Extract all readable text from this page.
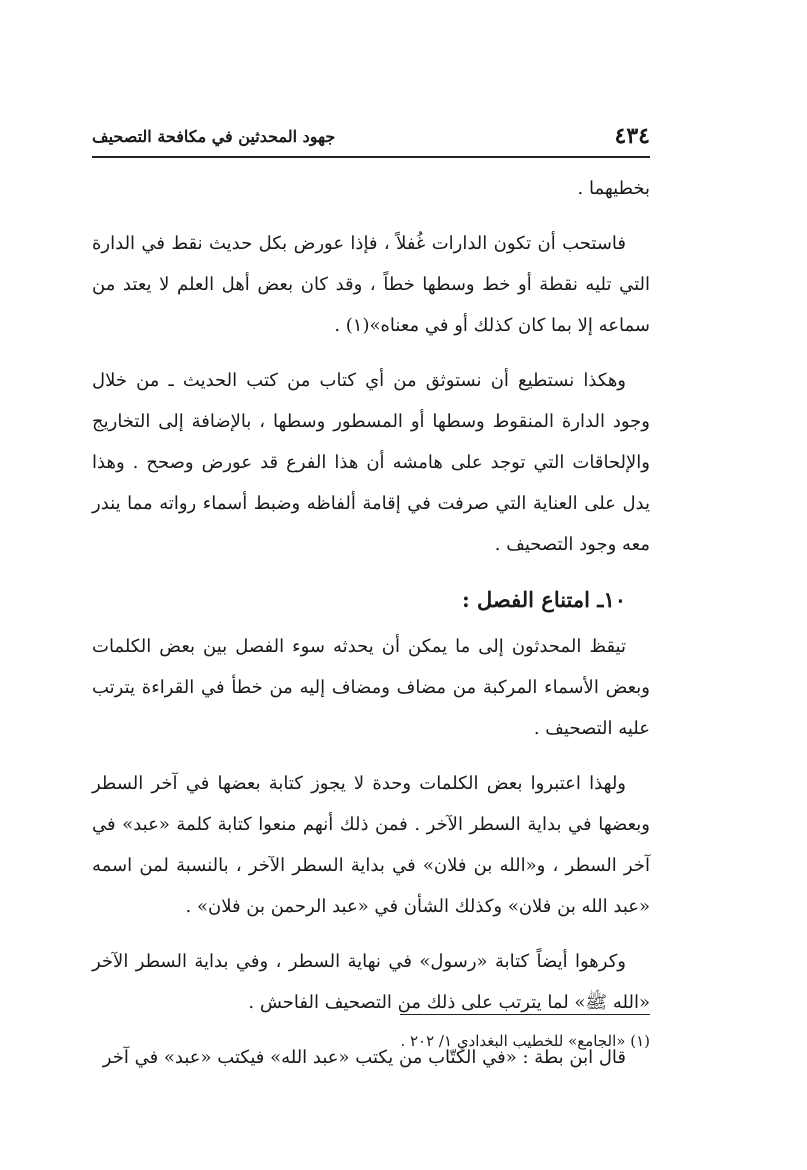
٤٣٤
جهود المحدثين في مكافحة التصحيف

بخطيهما .

فاستحب أن تكون الدارات غُفلاً ، فإذا عورض بكل حديث نقط في الدارة التي تليه نقطة أو خط وسطها خطاً ، وقد كان بعض أهل العلم لا يعتد من سماعه إلا بما كان كذلك أو في معناه»(١) .

وهكذا نستطيع أن نستوثق من أي كتاب من كتب الحديث ـ من خلال وجود الدارة المنقوط وسطها أو المسطور وسطها ، بالإضافة إلى التخاريج والإلحاقات التي توجد على هامشه أن هذا الفرع قد عورض وصحح . وهذا يدل على العناية التي صرفت في إقامة ألفاظه وضبط أسماء رواته مما يندر معه وجود التصحيف .

١٠ـ امتناع الفصل :

تيقظ المحدثون إلى ما يمكن أن يحدثه سوء الفصل بين بعض الكلمات وبعض الأسماء المركبة من مضاف ومضاف إليه من خطأ في القراءة يترتب عليه التصحيف .

ولهذا اعتبروا بعض الكلمات وحدة لا يجوز كتابة بعضها في آخر السطر وبعضها في بداية السطر الآخر . فمن ذلك أنهم منعوا كتابة كلمة «عبد» في آخر السطر ، و«الله بن فلان» في بداية السطر الآخر ، بالنسبة لمن اسمه «عبد الله بن فلان» وكذلك الشأن في «عبد الرحمن بن فلان» .

وكرهوا أيضاً كتابة «رسول» في نهاية السطر ، وفي بداية السطر الآخر «الله ﷺ» لما يترتب على ذلك من التصحيف الفاحش .

قال ابن بطة : «في الكتّاب من يكتب «عبد الله» فيكتب «عبد» في آخر

(١) «الجامع» للخطيب البغدادي ١/ ٢٠٢ .
